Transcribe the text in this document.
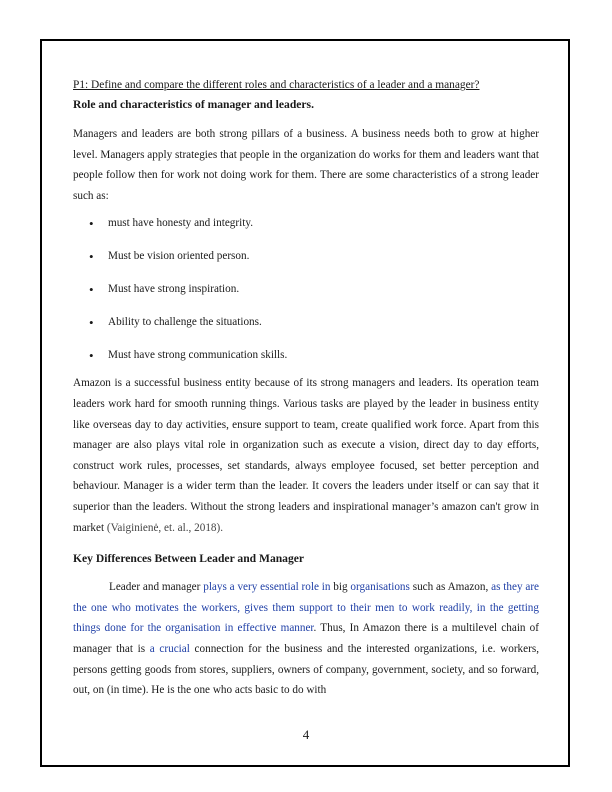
P1: Define and compare the different roles and characteristics of a leader and a manager?

Role and characteristics of manager and leaders.

Managers and leaders are both strong pillars of a business. A business needs both to grow at higher level. Managers apply strategies that people in the organization do works for them and leaders want that people follow then for work not doing work for them. There are some characteristics of a strong leader such as:

• must have honesty and integrity.
• Must be vision oriented person.
• Must have strong inspiration.
• Ability to challenge the situations.
• Must have strong communication skills.

Amazon is a successful business entity because of its strong managers and leaders. Its operation team leaders work hard for smooth running things. Various tasks are played by the leader in business entity like overseas day to day activities, ensure support to team, create qualified work force. Apart from this manager are also plays vital role in organization such as execute a vision, direct day to day efforts, construct work rules, processes, set standards, always employee focused, set better perception and behaviour. Manager is a wider term than the leader. It covers the leaders under itself or can say that it superior than the leaders. Without the strong leaders and inspirational manager’s amazon can't grow in market (Vaiginienė, et. al., 2018).

Key Differences Between Leader and Manager

Leader and manager plays a very essential role in big organisations such as Amazon, as they are the one who motivates the workers, gives them support to their men to work readily, in the getting things done for the organisation in effective manner. Thus, In Amazon there is a multilevel chain of manager that is a crucial connection for the business and the interested organizations, i.e. workers, persons getting goods from stores, suppliers, owners of company, government, society, and so forward, out, on (in time). He is the one who acts basic to do with

4
